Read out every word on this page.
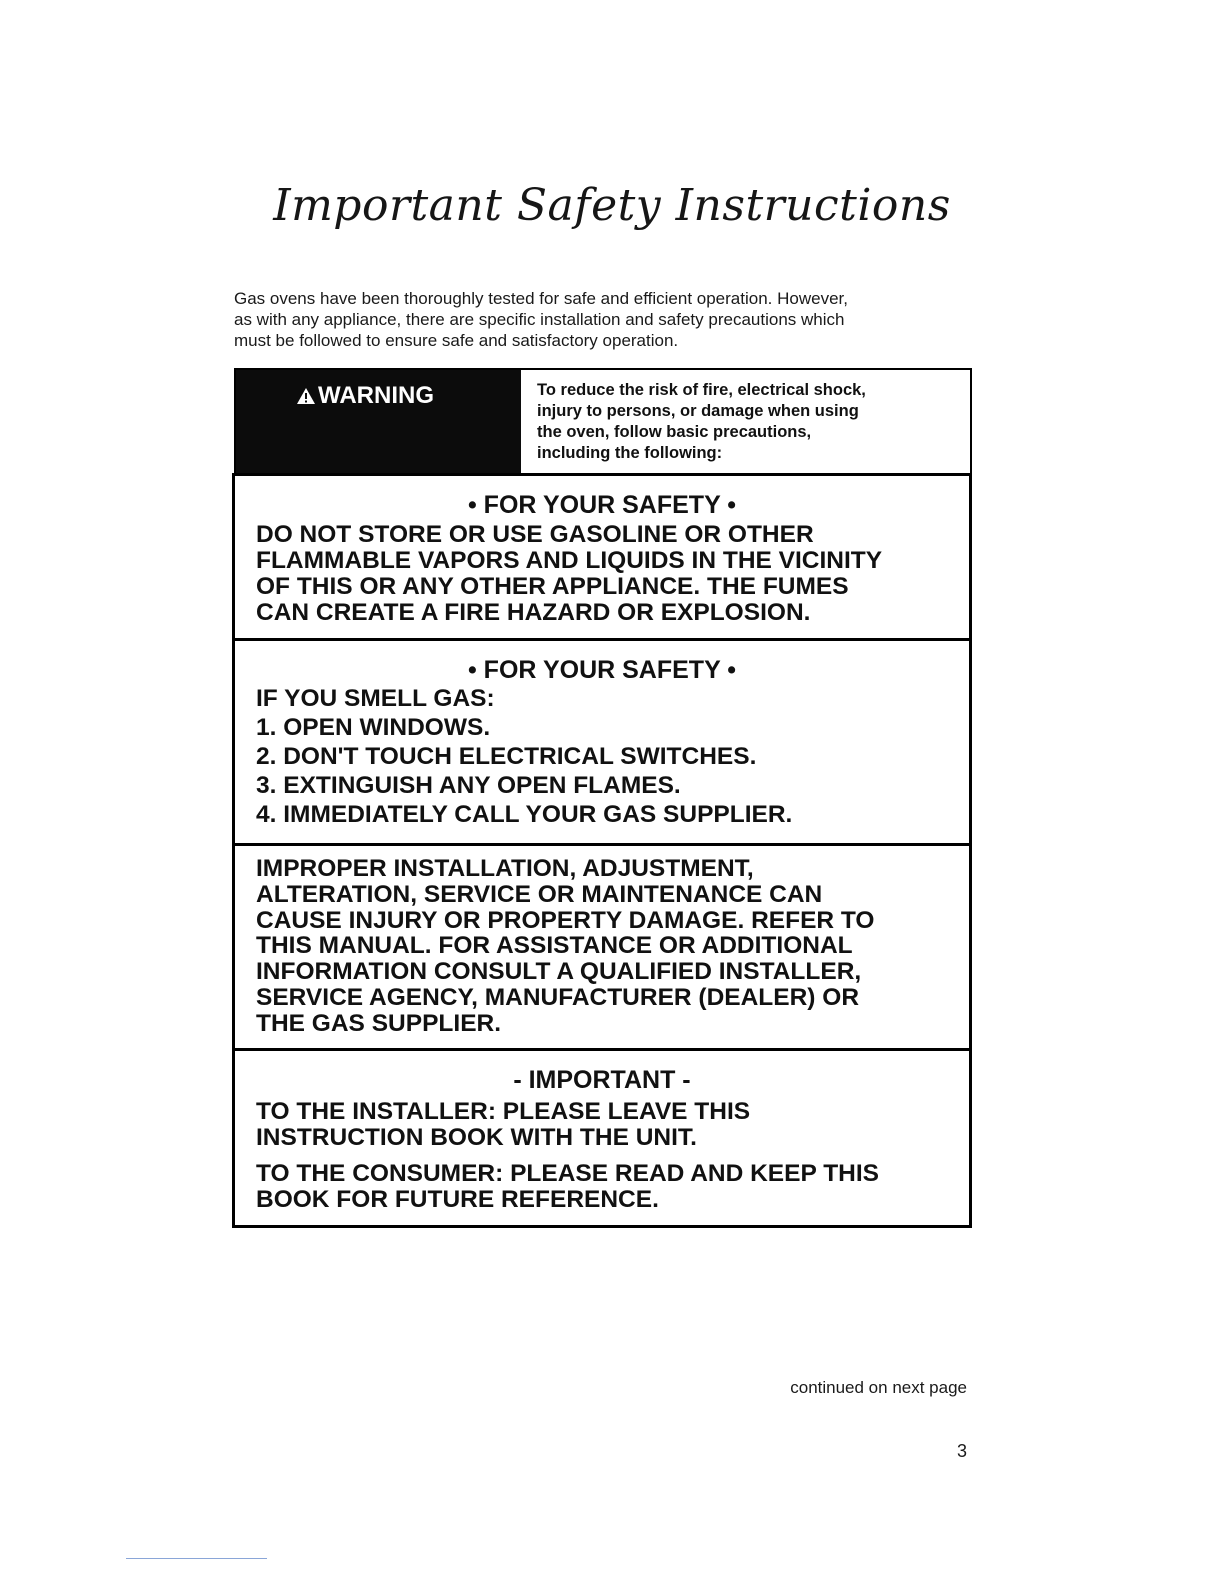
Important Safety Instructions
Gas ovens have been thoroughly tested for safe and efficient operation. However,
as with any appliance, there are specific installation and safety precautions which
must be followed to ensure safe and satisfactory operation.
WARNING	To reduce the risk of fire, electrical shock,
injury to persons, or damage when using
the oven, follow basic precautions,
including the following:
• FOR YOUR SAFETY •
DO NOT STORE OR USE GASOLINE OR OTHER
FLAMMABLE VAPORS AND LIQUIDS IN THE VICINITY
OF THIS OR ANY OTHER APPLIANCE. THE FUMES
CAN CREATE A FIRE HAZARD OR EXPLOSION.
• FOR YOUR SAFETY •
IF YOU SMELL GAS:
1. OPEN WINDOWS.
2. DON'T TOUCH ELECTRICAL SWITCHES.
3. EXTINGUISH ANY OPEN FLAMES.
4. IMMEDIATELY CALL YOUR GAS SUPPLIER.
IMPROPER INSTALLATION, ADJUSTMENT,
ALTERATION, SERVICE OR MAINTENANCE CAN
CAUSE INJURY OR PROPERTY DAMAGE. REFER TO
THIS MANUAL. FOR ASSISTANCE OR ADDITIONAL
INFORMATION CONSULT A QUALIFIED INSTALLER,
SERVICE AGENCY, MANUFACTURER (DEALER) OR
THE GAS SUPPLIER.
- IMPORTANT -
TO THE INSTALLER: PLEASE LEAVE THIS
INSTRUCTION BOOK WITH THE UNIT.
TO THE CONSUMER: PLEASE READ AND KEEP THIS
BOOK FOR FUTURE REFERENCE.
continued on next page
3
